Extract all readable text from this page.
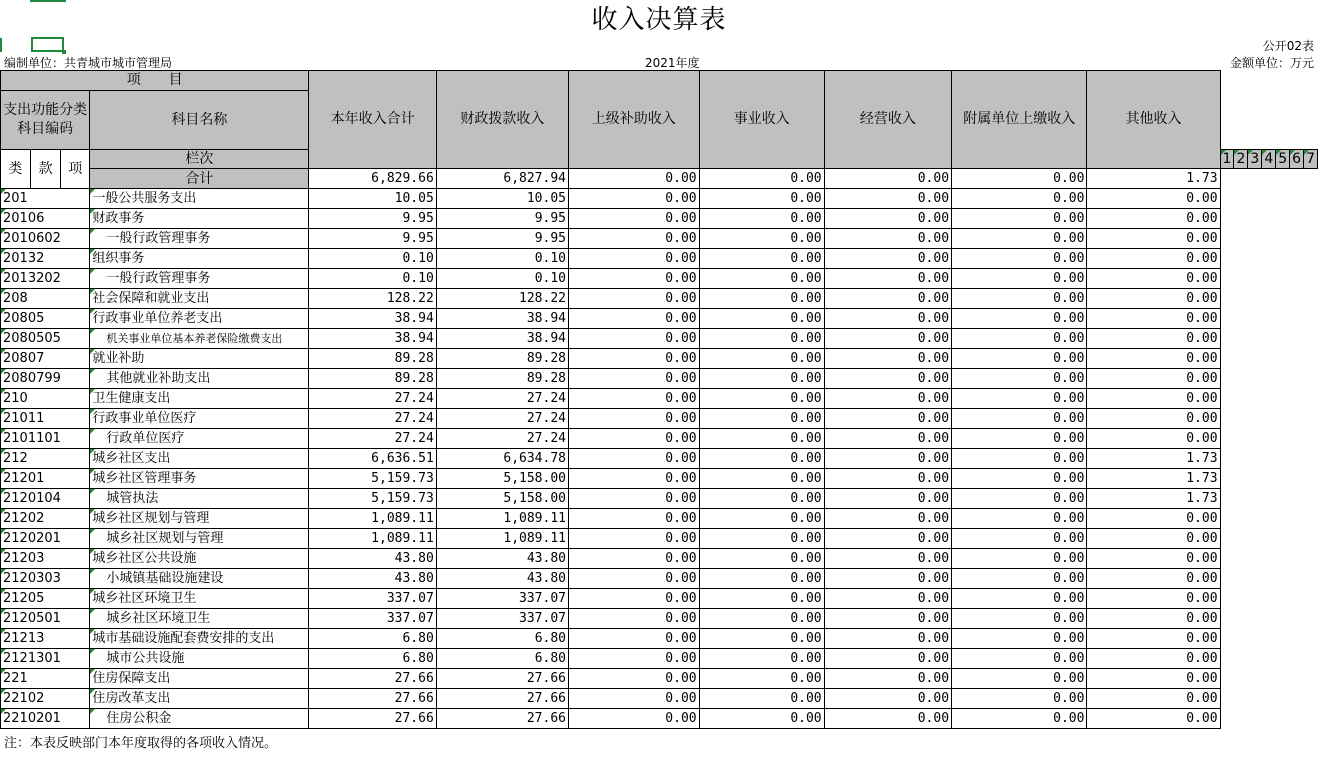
收入决算表
公开02表
编制单位：共青城市城市管理局	2021年度	金额单位：万元
项　　目				本年收入合计	财政拨款收入	上级补助收入	事业收入	经营收入	附属单位上缴收入	其他收入							
支出功能分类
科目编码			科目名称														
类	款	项	栏次								1	2	3	4	5	6	7
			合计	6,829.66	6,827.94	0.00	0.00	0.00	0.00	1.73							
201			一般公共服务支出	10.05	10.05	0.00	0.00	0.00	0.00	0.00							
20106			财政事务	9.95	9.95	0.00	0.00	0.00	0.00	0.00							
2010602			一般行政管理事务	9.95	9.95	0.00	0.00	0.00	0.00	0.00							
20132			组织事务	0.10	0.10	0.00	0.00	0.00	0.00	0.00							
2013202			一般行政管理事务	0.10	0.10	0.00	0.00	0.00	0.00	0.00							
208			社会保障和就业支出	128.22	128.22	0.00	0.00	0.00	0.00	0.00							
20805			行政事业单位养老支出	38.94	38.94	0.00	0.00	0.00	0.00	0.00							
2080505			机关事业单位基本养老保险缴费支出	38.94	38.94	0.00	0.00	0.00	0.00	0.00							
20807			就业补助	89.28	89.28	0.00	0.00	0.00	0.00	0.00							
2080799			其他就业补助支出	89.28	89.28	0.00	0.00	0.00	0.00	0.00							
210			卫生健康支出	27.24	27.24	0.00	0.00	0.00	0.00	0.00							
21011			行政事业单位医疗	27.24	27.24	0.00	0.00	0.00	0.00	0.00							
2101101			行政单位医疗	27.24	27.24	0.00	0.00	0.00	0.00	0.00							
212			城乡社区支出	6,636.51	6,634.78	0.00	0.00	0.00	0.00	1.73							
21201			城乡社区管理事务	5,159.73	5,158.00	0.00	0.00	0.00	0.00	1.73							
2120104			城管执法	5,159.73	5,158.00	0.00	0.00	0.00	0.00	1.73							
21202			城乡社区规划与管理	1,089.11	1,089.11	0.00	0.00	0.00	0.00	0.00							
2120201			城乡社区规划与管理	1,089.11	1,089.11	0.00	0.00	0.00	0.00	0.00							
21203			城乡社区公共设施	43.80	43.80	0.00	0.00	0.00	0.00	0.00							
2120303			小城镇基础设施建设	43.80	43.80	0.00	0.00	0.00	0.00	0.00							
21205			城乡社区环境卫生	337.07	337.07	0.00	0.00	0.00	0.00	0.00							
2120501			城乡社区环境卫生	337.07	337.07	0.00	0.00	0.00	0.00	0.00							
21213			城市基础设施配套费安排的支出	6.80	6.80	0.00	0.00	0.00	0.00	0.00							
2121301			城市公共设施	6.80	6.80	0.00	0.00	0.00	0.00	0.00							
221			住房保障支出	27.66	27.66	0.00	0.00	0.00	0.00	0.00							
22102			住房改革支出	27.66	27.66	0.00	0.00	0.00	0.00	0.00							
2210201			住房公积金	27.66	27.66	0.00	0.00	0.00	0.00	0.00							
注：本表反映部门本年度取得的各项收入情况。
